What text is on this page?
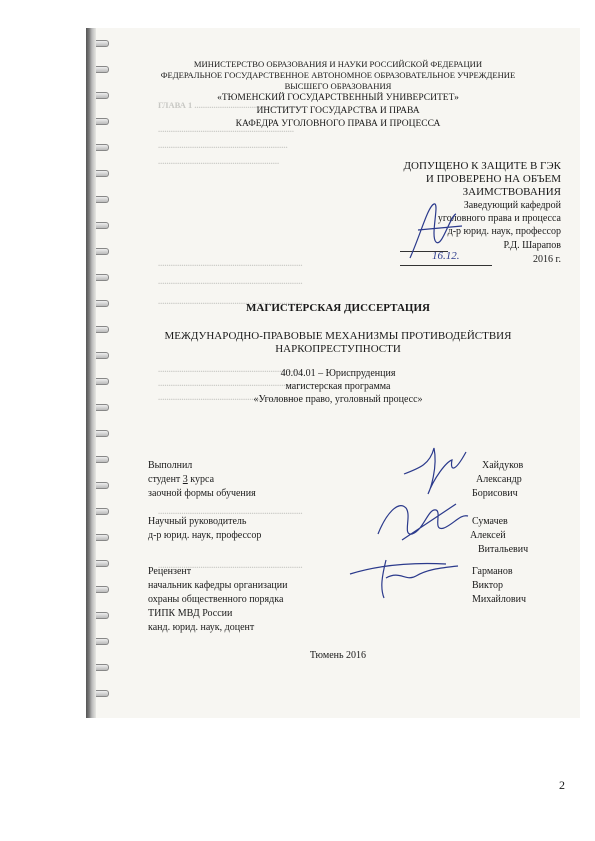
ГЛАВА 1 ...................................................
................................................................
.............................................................
.........................................................
....................................................................
....................................................................
....................................................................
....................................................................
....................................................................
....................................................................
....................................................................
....................................................................
МИНИСТЕРСТВО ОБРАЗОВАНИЯ И НАУКИ РОССИЙСКОЙ ФЕДЕРАЦИИ
ФЕДЕРАЛЬНОЕ ГОСУДАРСТВЕННОЕ АВТОНОМНОЕ ОБРАЗОВАТЕЛЬНОЕ УЧРЕЖДЕНИЕ
ВЫСШЕГО ОБРАЗОВАНИЯ
«ТЮМЕНСКИЙ ГОСУДАРСТВЕННЫЙ УНИВЕРСИТЕТ»
ИНСТИТУТ ГОСУДАРСТВА И ПРАВА
КАФЕДРА УГОЛОВНОГО ПРАВА И ПРОЦЕССА
ДОПУЩЕНО К ЗАЩИТЕ В ГЭК
И ПРОВЕРЕНО НА ОБЪЕМ
ЗАИМСТВОВАНИЯ
Заведующий кафедрой
уголовного права и процесса
д-р юрид. наук, профессор
Р.Д. Шарапов
16.12.	2016 г.
МАГИСТЕРСКАЯ ДИССЕРТАЦИЯ
МЕЖДУНАРОДНО-ПРАВОВЫЕ МЕХАНИЗМЫ ПРОТИВОДЕЙСТВИЯ
НАРКОПРЕСТУПНОСТИ
40.04.01 – Юриспруденция
магистерская программа
«Уголовное право, уголовный процесс»
Выполнил
студент 3 курса
заочной формы обучения
Хайдуков
Александр
Борисович
Научный руководитель
д-р юрид. наук, профессор
Сумачев
Алексей
Витальевич
Рецензент
начальник кафедры организации
охраны общественного порядка
ТИПК МВД России
канд. юрид. наук, доцент
Гарманов
Виктор
Михайлович
Тюмень 2016
2
